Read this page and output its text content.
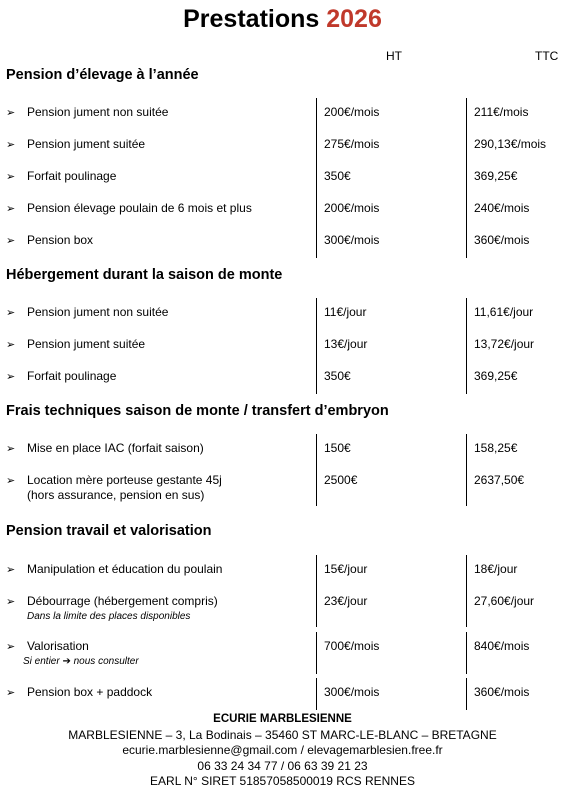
Prestations 2026
HT	TTC
Pension d’élevage à l’année
➢ Pension jument non suitée	200€/mois	211€/mois
➢ Pension jument suitée	275€/mois	290,13€/mois
➢ Forfait poulinage	350€	369,25€
➢ Pension élevage poulain de 6 mois et plus	200€/mois	240€/mois
➢ Pension box	300€/mois	360€/mois
Hébergement durant la saison de monte
➢ Pension jument non suitée	11€/jour	11,61€/jour
➢ Pension jument suitée	13€/jour	13,72€/jour
➢ Forfait poulinage	350€	369,25€
Frais techniques saison de monte / transfert d’embryon
➢ Mise en place IAC (forfait saison)	150€	158,25€
➢ Location mère porteuse gestante 45j
(hors assurance, pension en sus)
2500€	2637,50€
Pension travail et valorisation
➢ Manipulation et éducation du poulain	15€/jour	18€/jour
➢ Débourrage (hébergement compris)
Dans la limite des places disponibles
23€/jour	27,60€/jour
➢ Valorisation
Si entier ➔ nous consulter
700€/mois	840€/mois
➢ Pension box + paddock	300€/mois	360€/mois
ECURIE MARBLESIENNE
MARBLESIENNE – 3, La Bodinais – 35460 ST MARC-LE-BLANC – BRETAGNE
ecurie.marblesienne@gmail.com / elevagemarblesien.free.fr
06 33 24 34 77 / 06 63 39 21 23
EARL N° SIRET 51857058500019 RCS RENNES
